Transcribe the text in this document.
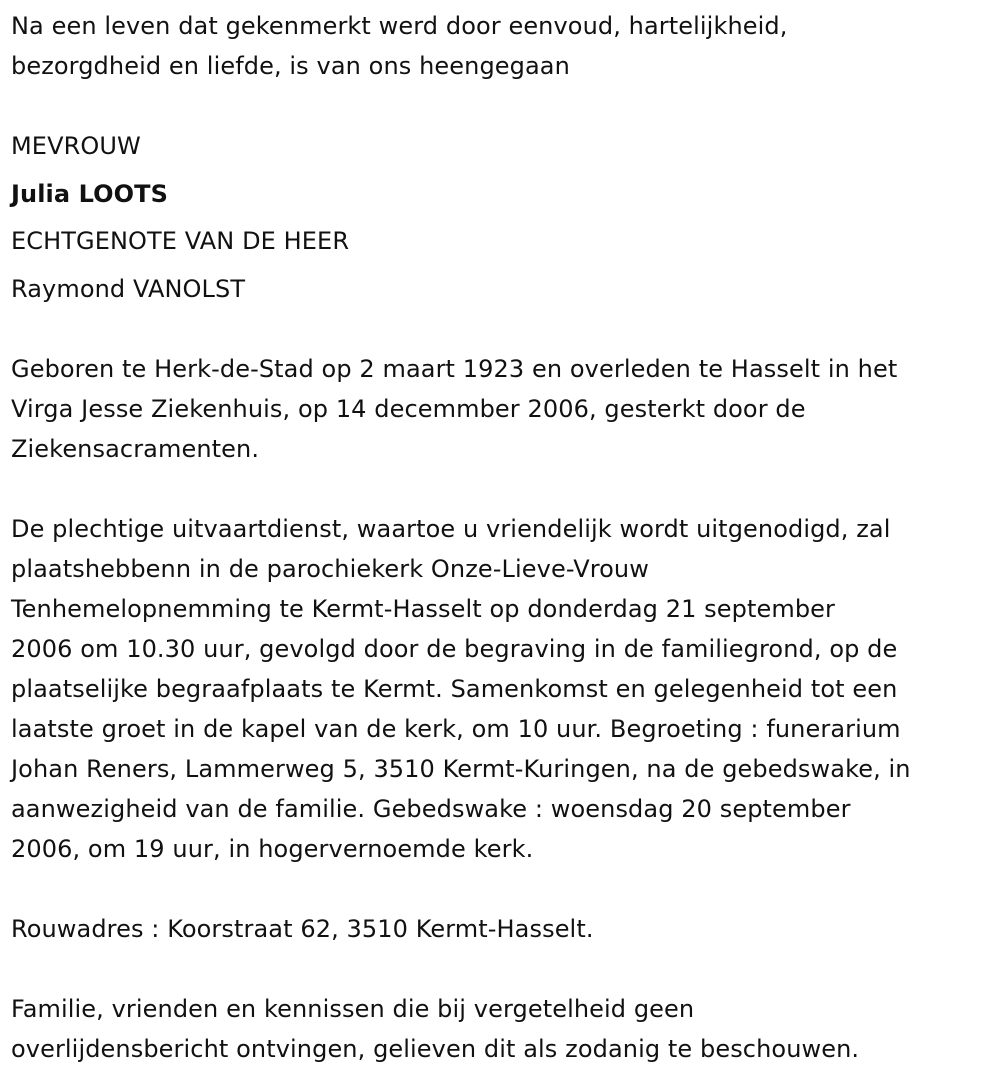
Na een leven dat gekenmerkt werd door eenvoud, hartelijkheid,
bezorgdheid en liefde, is van ons heengegaan
MEVROUW
Julia LOOTS
ECHTGENOTE VAN DE HEER
Raymond VANOLST
Geboren te Herk-de-Stad op 2 maart 1923 en overleden te Hasselt in het
Virga Jesse Ziekenhuis, op 14 decemmber 2006, gesterkt door de
Ziekensacramenten.
De plechtige uitvaartdienst, waartoe u vriendelijk wordt uitgenodigd, zal
plaatshebbenn in de parochiekerk Onze-Lieve-Vrouw
Tenhemelopnemming te Kermt-Hasselt op donderdag 21 september
2006 om 10.30 uur, gevolgd door de begraving in de familiegrond, op de
plaatselijke begraafplaats te Kermt. Samenkomst en gelegenheid tot een
laatste groet in de kapel van de kerk, om 10 uur. Begroeting : funerarium
Johan Reners, Lammerweg 5, 3510 Kermt-Kuringen, na de gebedswake, in
aanwezigheid van de familie. Gebedswake : woensdag 20 september
2006, om 19 uur, in hogervernoemde kerk.
Rouwadres : Koorstraat 62, 3510 Kermt-Hasselt.
Familie, vrienden en kennissen die bij vergetelheid geen
overlijdensbericht ontvingen, gelieven dit als zodanig te beschouwen.
